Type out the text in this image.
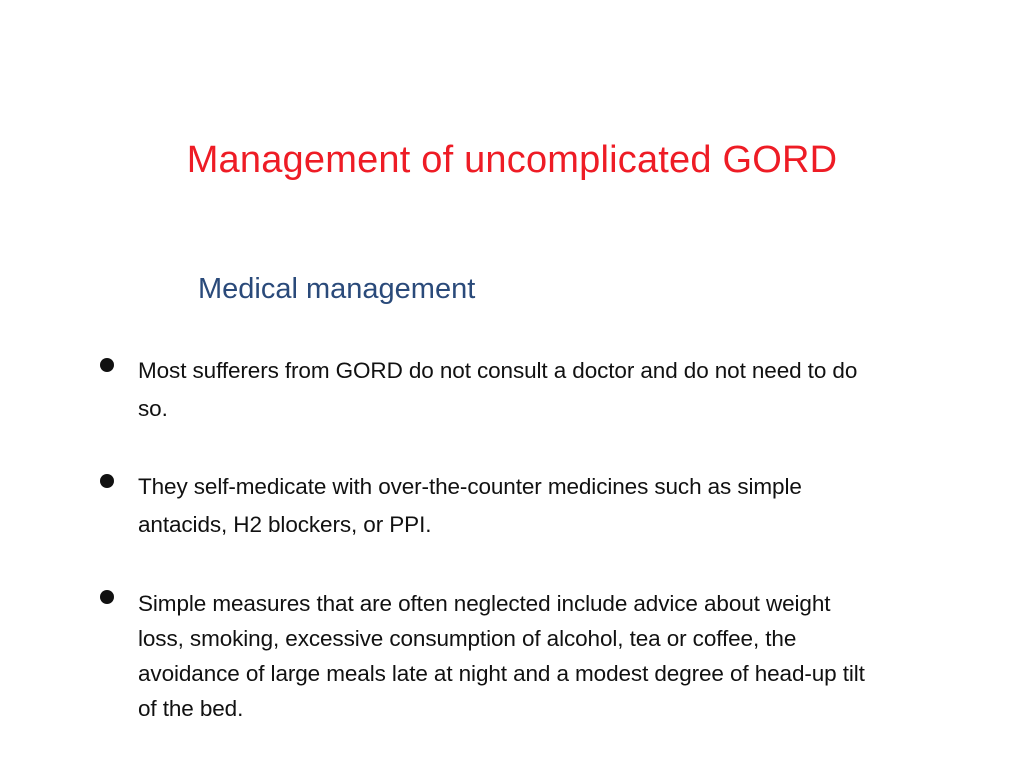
Management of uncomplicated GORD
Medical management
Most sufferers from GORD do not consult a doctor and do not need to do so.
They self-medicate with over-the-counter medicines such as simple antacids, H2 blockers, or PPI.
Simple measures that are often neglected include advice about weight loss, smoking, excessive consumption of alcohol, tea or coffee, the avoidance of large meals late at night and a modest degree of head-up tilt of the bed.
